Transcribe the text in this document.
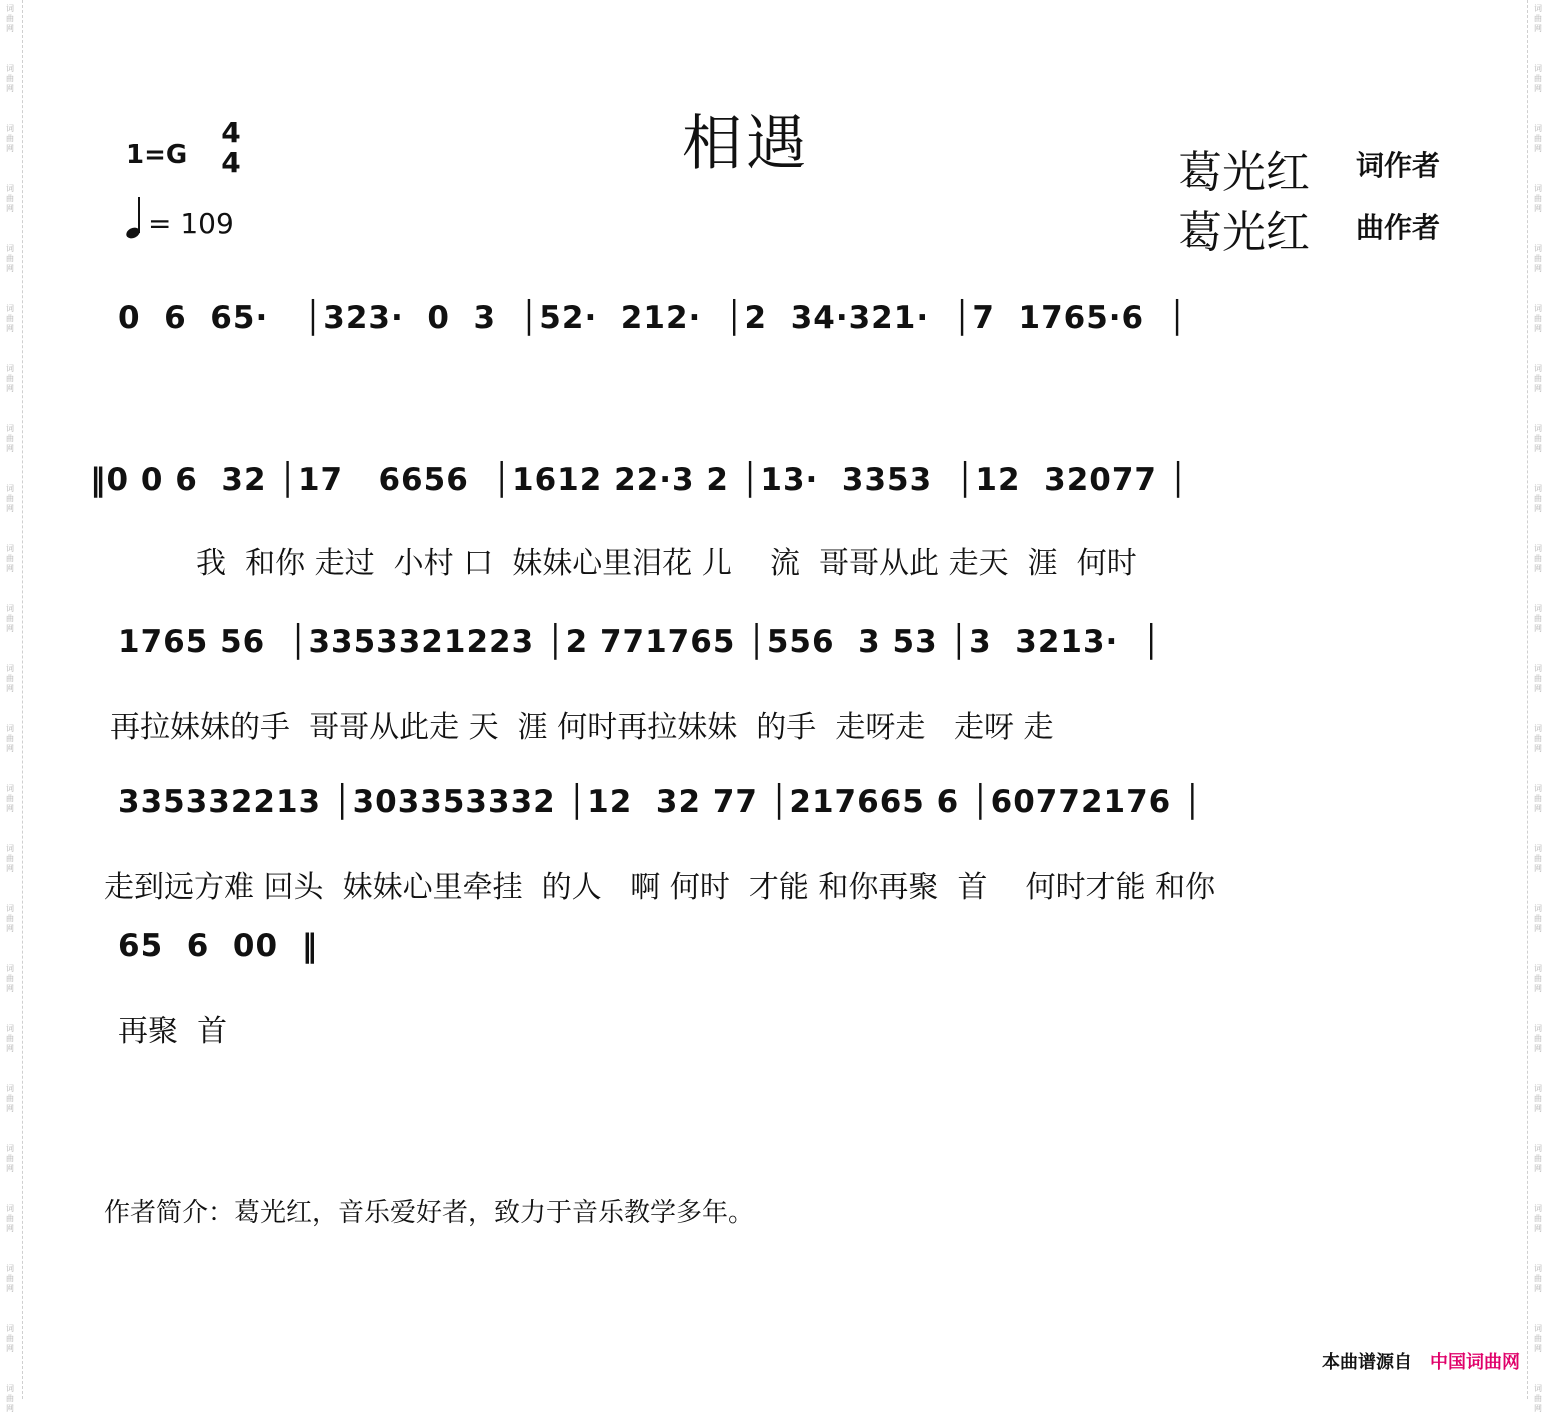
词
曲
网
词
曲
网
词
曲
网
词
曲
网
词
曲
网
词
曲
网
词
曲
网
词
曲
网
词
曲
网
词
曲
网
词
曲
网
词
曲
网
词
曲
网
词
曲
网
词
曲
网
词
曲
网
词
曲
网
词
曲
网
词
曲
网
词
曲
网
词
曲
网
词
曲
网
词
曲
网
词
曲
网
词
曲
网
词
曲
网
词
曲
网
词
曲
网
词
曲
网
词
曲
网
词
曲
网
词
曲
网
词
曲
网
词
曲
网
词
曲
网
词
曲
网
词
曲
网
词
曲
网
词
曲
网
词
曲
网
词
曲
网
词
曲
网
词
曲
网
词
曲
网
词
曲
网
词
曲
网
词
曲
网
词
曲
网
相遇
1=G
4
4
= 109
葛光红 词作者
葛光红 曲作者
0  6  65·   │323·  0  3  │52·  212·  │2  34·321·  │7  1765·6  │
‖0 0 6  32 │17   6656  │1612 22·3 2 │13·  3353  │12  32077 │
我  和你 走过  小村 口  妹妹心里泪花 儿    流  哥哥从此 走天  涯  何时
1765 56  │3353321223 │2 771765 │556  3 53 │3  3213·  │
再拉妹妹的手  哥哥从此走 天  涯 何时再拉妹妹  的手  走呀走   走呀 走
335332213 │303353332 │12  32 77 │217665 6 │60772176 │
走到远方难 回头  妹妹心里牵挂  的人   啊 何时  才能 和你再聚  首    何时才能 和你
65  6  00  ‖
再聚  首
作者简介：葛光红，音乐爱好者，致力于音乐教学多年。
本曲谱源自 中国词曲网
